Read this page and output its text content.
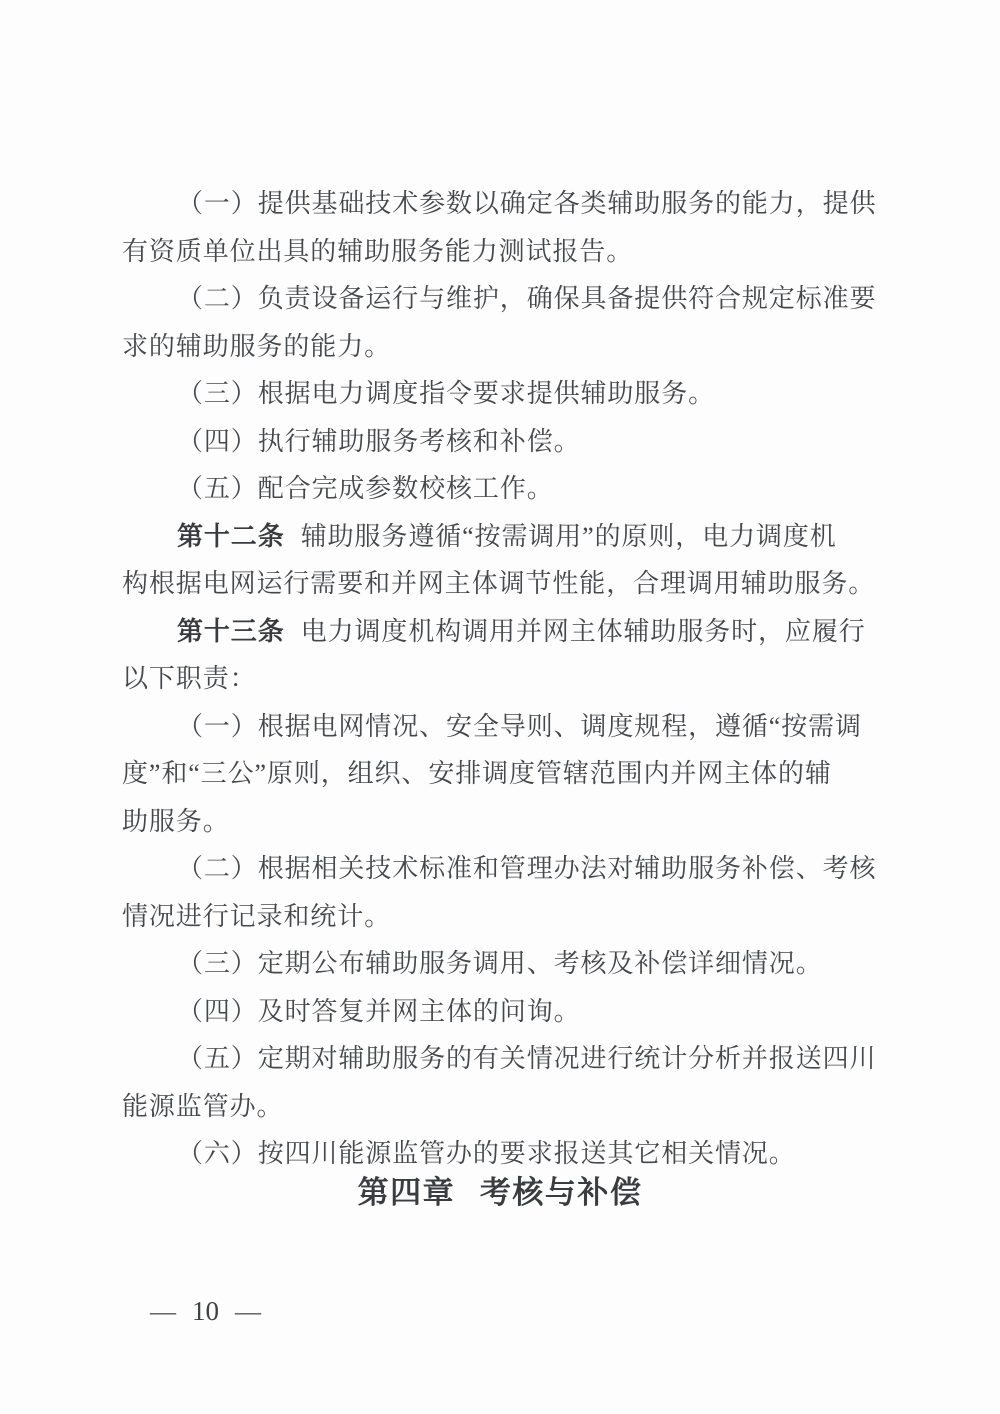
（一）提供基础技术参数以确定各类辅助服务的能力，提供
有资质单位出具的辅助服务能力测试报告。
（二）负责设备运行与维护，确保具备提供符合规定标准要
求的辅助服务的能力。
（三）根据电力调度指令要求提供辅助服务。
（四）执行辅助服务考核和补偿。
（五）配合完成参数校核工作。
第十二条 辅助服务遵循“按需调用”的原则，电力调度机
构根据电网运行需要和并网主体调节性能，合理调用辅助服务。
第十三条 电力调度机构调用并网主体辅助服务时，应履行
以下职责：
（一）根据电网情况、安全导则、调度规程，遵循“按需调
度”和“三公”原则，组织、安排调度管辖范围内并网主体的辅
助服务。
（二）根据相关技术标准和管理办法对辅助服务补偿、考核
情况进行记录和统计。
（三）定期公布辅助服务调用、考核及补偿详细情况。
（四）及时答复并网主体的问询。
（五）定期对辅助服务的有关情况进行统计分析并报送四川
能源监管办。
（六）按四川能源监管办的要求报送其它相关情况。
第四章 考核与补偿
— 10 —
